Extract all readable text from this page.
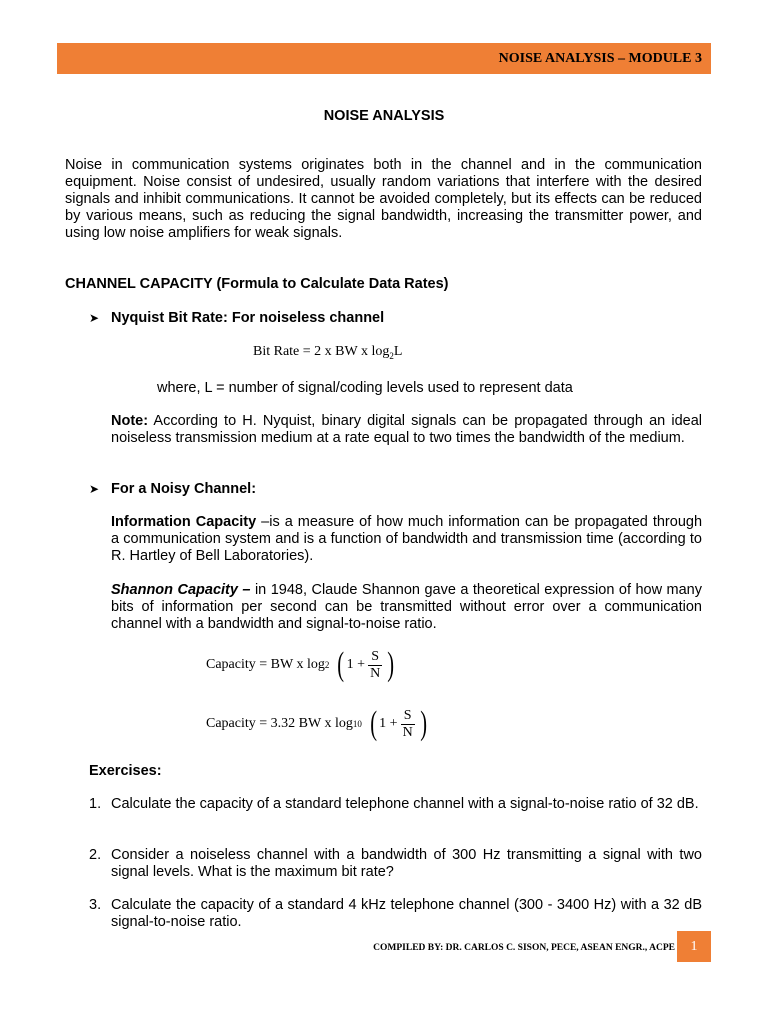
NOISE ANALYSIS – MODULE 3
NOISE ANALYSIS

Noise in communication systems originates both in the channel and in the communication equipment. Noise consist of undesired, usually random variations that interfere with the desired signals and inhibit communications. It cannot be avoided completely, but its effects can be reduced by various means, such as reducing the signal bandwidth, increasing the transmitter power, and using low noise amplifiers for weak signals.

CHANNEL CAPACITY (Formula to Calculate Data Rates)

➤ Nyquist Bit Rate: For noiseless channel

Bit Rate = 2 x BW x $\log_2L$

where, L = number of signal/coding levels used to represent data

Note: According to H. Nyquist, binary digital signals can be propagated through an ideal noiseless transmission medium at a rate equal to two times the bandwidth of the medium.

➤ For a Noisy Channel:

Information Capacity –is a measure of how much information can be propagated through a communication system and is a function of bandwidth and transmission time (according to R. Hartley of Bell Laboratories).

Shannon Capacity – in 1948, Claude Shannon gave a theoretical expression of how many bits of information per second can be transmitted without error over a communication channel with a bandwidth and signal-to-noise ratio.

Capacity = BW x log 2 ( $1 + \frac{S}{N}$ )
Capacity = 3.32 BW x log 10 ( $1 + \frac{S}{N}$ )

Exercises:

1. Calculate the capacity of a standard telephone channel with a signal-to-noise ratio of 32 dB.

2. Consider a noiseless channel with a bandwidth of 300 Hz transmitting a signal with two signal levels. What is the maximum bit rate?

3. Calculate the capacity of a standard 4 kHz telephone channel (300 - 3400 Hz) with a 32 dB signal-to-noise ratio.

COMPILED BY: DR. CARLOS C. SISON, PECE, ASEAN ENGR., ACPE	1
